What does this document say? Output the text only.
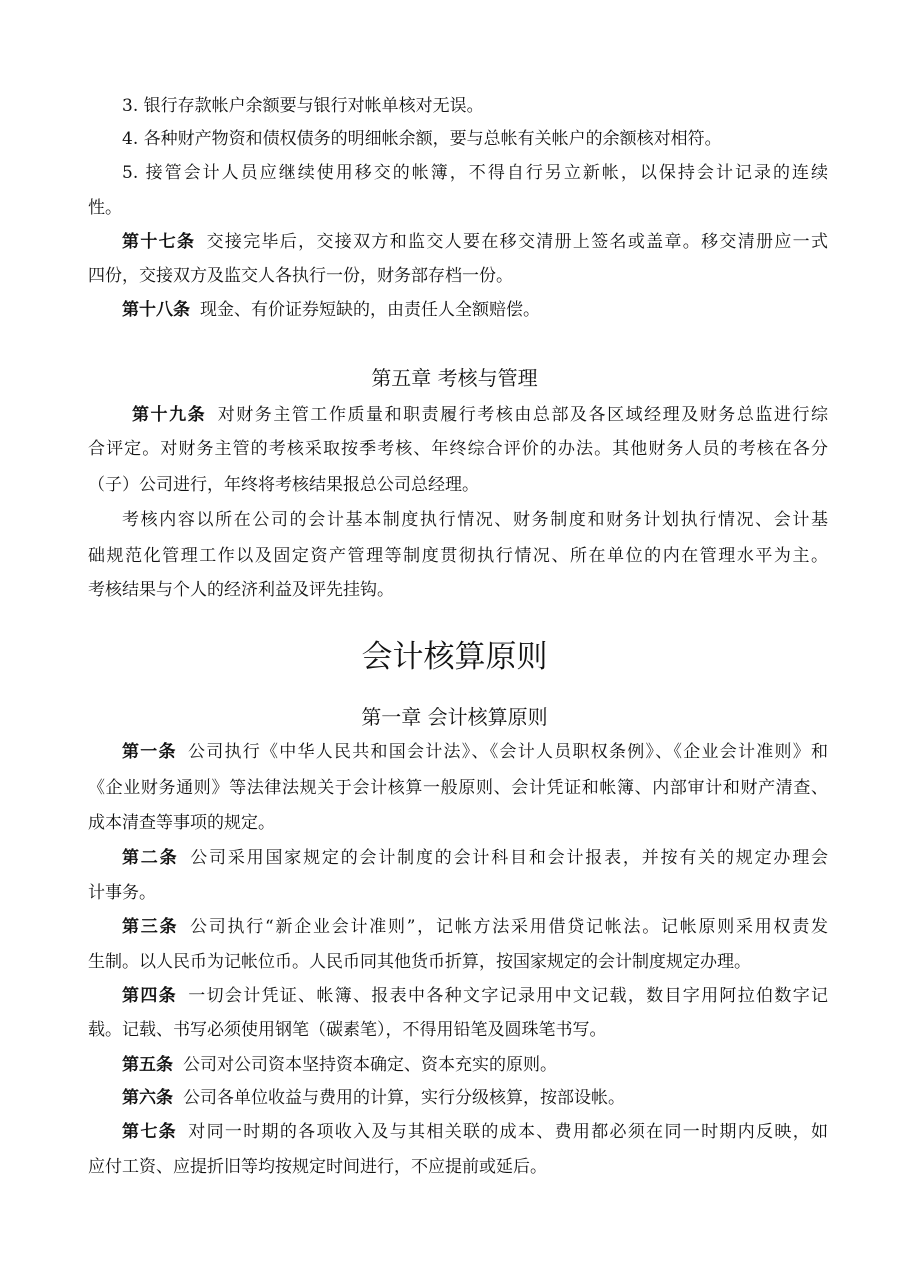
3. 银行存款帐户余额要与银行对帐单核对无误。
4. 各种财产物资和债权债务的明细帐余额，要与总帐有关帐户的余额核对相符。
5. 接管会计人员应继续使用移交的帐簿，不得自行另立新帐，以保持会计记录的连续
性。
第十七条 交接完毕后，交接双方和监交人要在移交清册上签名或盖章。移交清册应一式
四份，交接双方及监交人各执行一份，财务部存档一份。
第十八条 现金、有价证券短缺的，由责任人全额赔偿。
第五章 考核与管理
第十九条 对财务主管工作质量和职责履行考核由总部及各区域经理及财务总监进行综
合评定。对财务主管的考核采取按季考核、年终综合评价的办法。其他财务人员的考核在各分
（子）公司进行，年终将考核结果报总公司总经理。
考核内容以所在公司的会计基本制度执行情况、财务制度和财务计划执行情况、会计基
础规范化管理工作以及固定资产管理等制度贯彻执行情况、所在单位的内在管理水平为主。
考核结果与个人的经济利益及评先挂钩。
会计核算原则
第一章 会计核算原则
第一条 公司执行《中华人民共和国会计法》、《会计人员职权条例》、《企业会计准则》和
《企业财务通则》等法律法规关于会计核算一般原则、会计凭证和帐簿、内部审计和财产清查、
成本清查等事项的规定。
第二条 公司采用国家规定的会计制度的会计科目和会计报表，并按有关的规定办理会
计事务。
第三条 公司执行“新企业会计准则”，记帐方法采用借贷记帐法。记帐原则采用权责发
生制。以人民币为记帐位币。人民币同其他货币折算，按国家规定的会计制度规定办理。
第四条 一切会计凭证、帐簿、报表中各种文字记录用中文记载，数目字用阿拉伯数字记
载。记载、书写必须使用钢笔（碳素笔），不得用铅笔及圆珠笔书写。
第五条 公司对公司资本坚持资本确定、资本充实的原则。
第六条 公司各单位收益与费用的计算，实行分级核算，按部设帐。
第七条 对同一时期的各项收入及与其相关联的成本、费用都必须在同一时期内反映，如
应付工资、应提折旧等均按规定时间进行，不应提前或延后。
